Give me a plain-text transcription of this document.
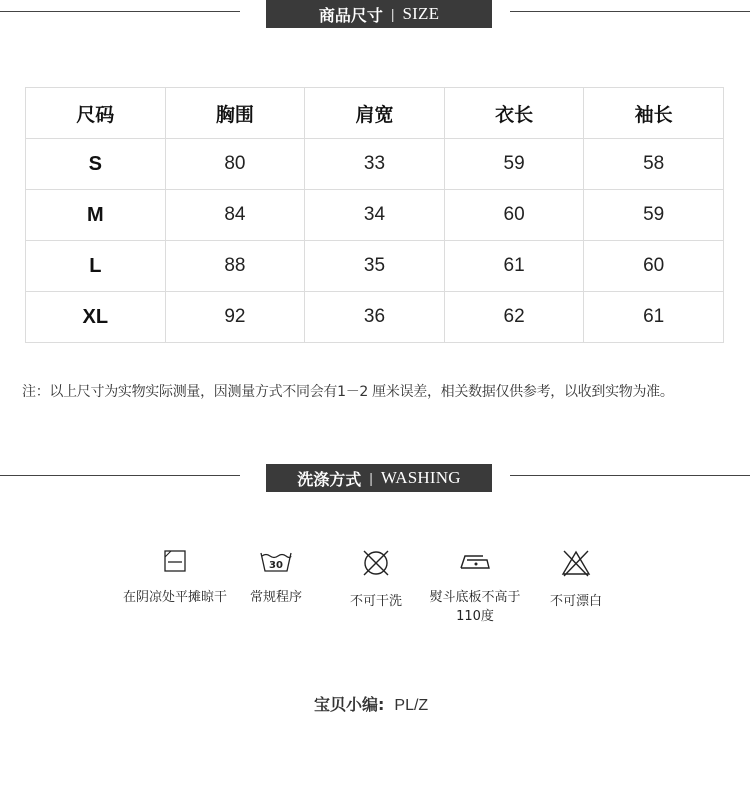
商品尺寸 | SIZE
尺码	胸围	肩宽	衣长	袖长
S	80	33	59	58
M	84	34	60	59
L	88	35	61	60
XL	92	36	62	61
注：以上尺寸为实物实际测量，因测量方式不同会有1－2 厘米误差，相关数据仅供参考，以收到实物为准。
洗涤方式 | WASHING
在阴凉处平摊晾干
30
常规程序	不可干洗	熨斗底板不高于110度
不可漂白
宝贝小编: PL/Z
